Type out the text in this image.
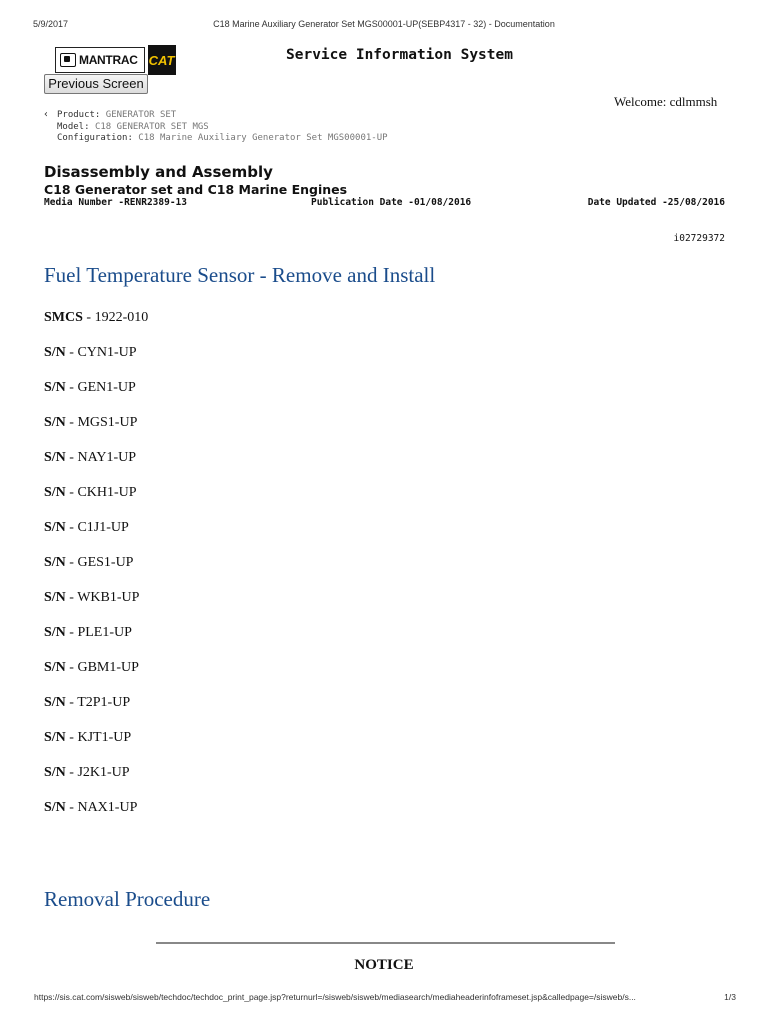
5/9/2017	C18 Marine Auxiliary Generator Set MGS00001-UP(SEBP4317 - 32) - Documentation
MANTRAC CAT	Service Information System
Previous Screen
Welcome: cdlmmsh
‹ Product: GENERATOR SET
Model: C18 GENERATOR SET MGS
Configuration: C18 Marine Auxiliary Generator Set MGS00001-UP
Disassembly and Assembly
C18 Generator set and C18 Marine Engines
Media Number -RENR2389-13	Publication Date -01/08/2016	Date Updated -25/08/2016
i02729372
Fuel Temperature Sensor - Remove and Install
SMCS - 1922-010
S/N - CYN1-UP
S/N - GEN1-UP
S/N - MGS1-UP
S/N - NAY1-UP
S/N - CKH1-UP
S/N - C1J1-UP
S/N - GES1-UP
S/N - WKB1-UP
S/N - PLE1-UP
S/N - GBM1-UP
S/N - T2P1-UP
S/N - KJT1-UP
S/N - J2K1-UP
S/N - NAX1-UP
Removal Procedure
NOTICE
https://sis.cat.com/sisweb/sisweb/techdoc/techdoc_print_page.jsp?returnurl=/sisweb/sisweb/mediasearch/mediaheaderinfoframeset.jsp&calledpage=/sisweb/s...	1/3
